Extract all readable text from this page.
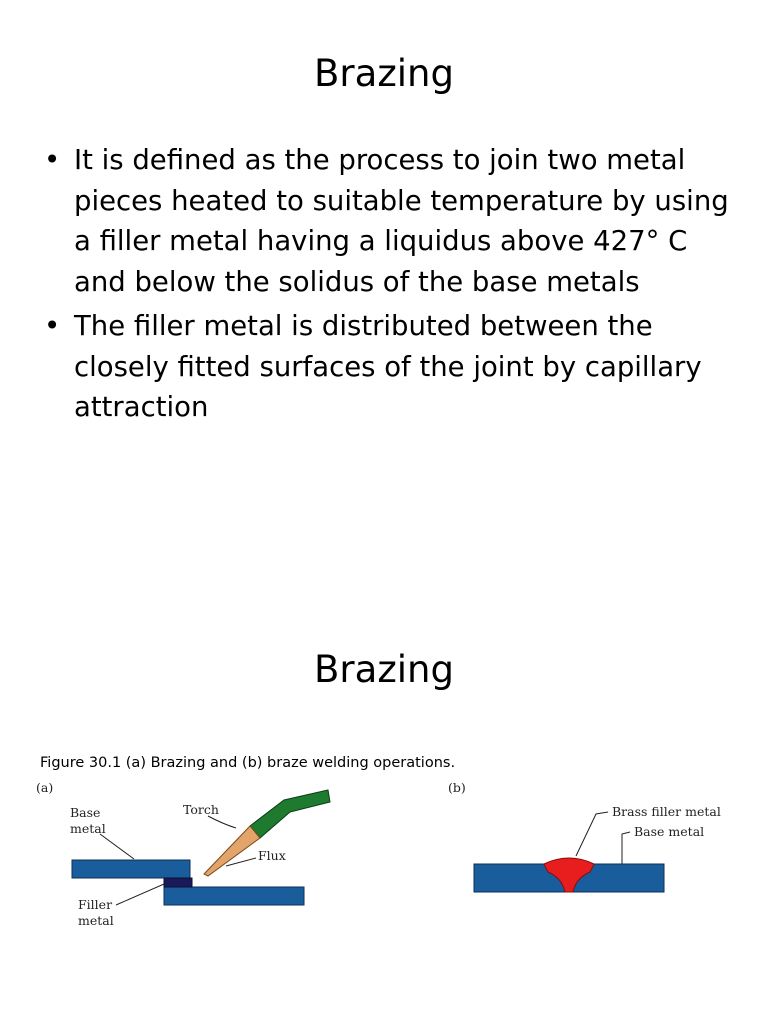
Brazing
• It is defined as the process to join two metal pieces heated to suitable temperature by using a filler metal having a liquidus above 427° C and below the solidus of the base metals
• The filler metal is distributed between the closely fitted surfaces of the joint by capillary attraction
Brazing
Figure 30.1 (a) Brazing and (b) braze welding operations.
(a)
Base
metal
Torch
Flux
Filler
metal
(b)
Brass filler metal
Base metal
